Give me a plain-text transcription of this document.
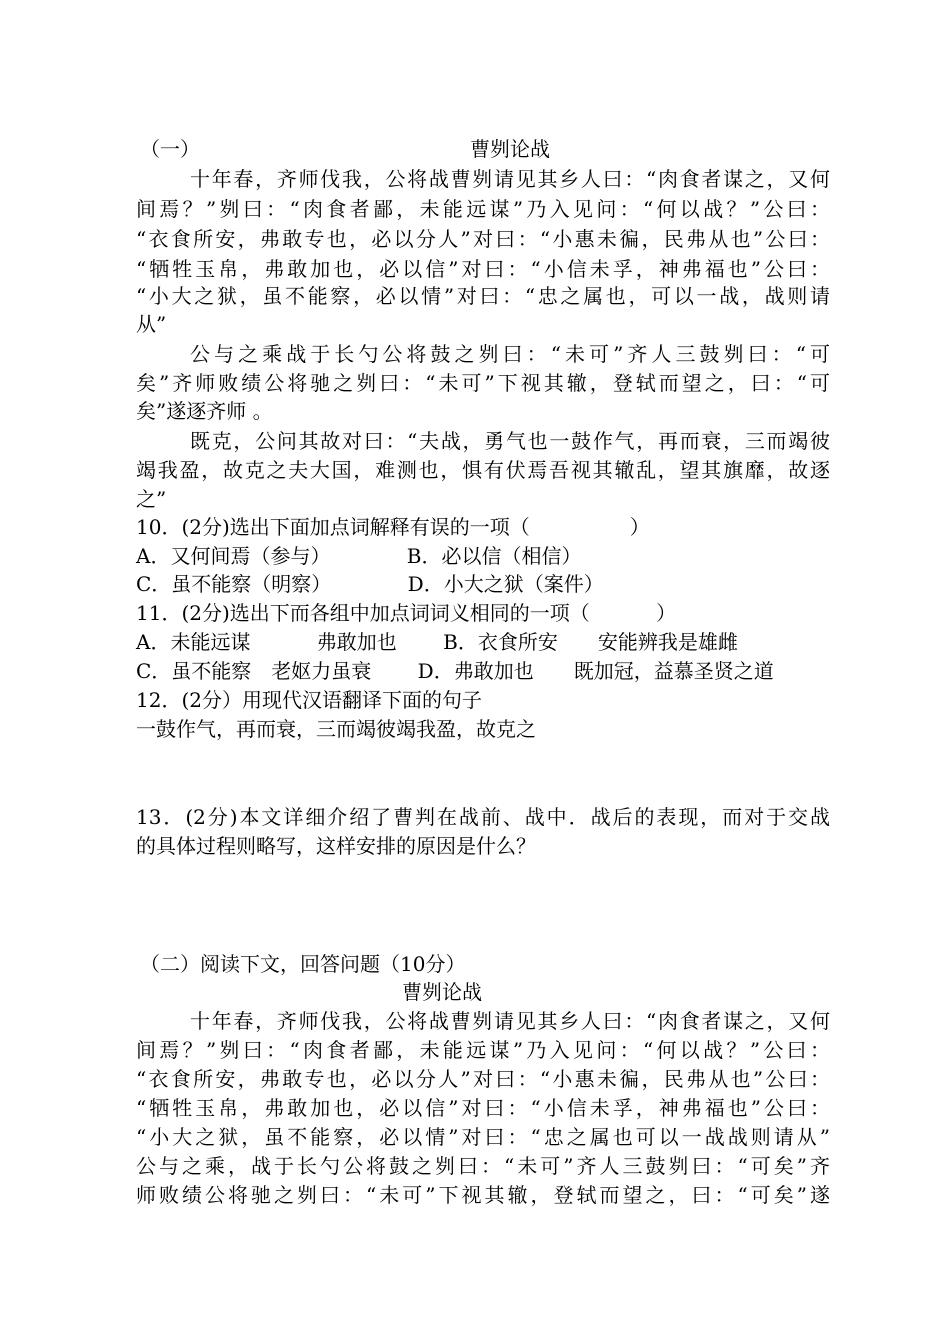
（一）	曹刿论战
十年春，齐师伐我，公将战曹刿请见其乡人曰：“肉食者谋之，又何
间焉？”刿曰：“肉食者鄙，未能远谋”乃入见问：“何以战？”公曰：
“衣食所安，弗敢专也，必以分人”对曰：“小惠未徧，民弗从也”公曰：
“牺牲玉帛，弗敢加也，必以信”对曰：“小信未孚，神弗福也”公曰：
“小大之狱，虽不能察，必以情”对曰：“忠之属也，可以一战，战则请
从”
公与之乘战于长勺公将鼓之刿曰：“未可”齐人三鼓刿曰：“可
矣”齐师败绩公将驰之刿曰：“未可”下视其辙，登轼而望之，曰：“可
矣”遂逐齐师 。
既克，公问其故对曰：“夫战，勇气也一鼓作气，再而衰，三而竭彼
竭我盈，故克之夫大国，难测也，惧有伏焉吾视其辙乱，望其旗靡，故逐
之”
10．(2分)选出下面加点词解释有误的一项（　　　　　）
A．又何间焉（参与）　　　　 B．必以信（相信）
C．虽不能察（明察）　　　　 D．小大之狱（案件）
11．(2分)选出下而各组中加点词词义相同的一项（　　　 ）
A．未能远谋　　　 弗敢加也　　 B．衣食所安　　安能辨我是雄雌
C．虽不能察　老妪力虽衰　　 D．弗敢加也　　既加冠，益慕圣贤之道
12．(2分）用现代汉语翻译下面的句子
一鼓作气，再而衰，三而竭彼竭我盈，故克之
13．(2分)本文详细介绍了曹判在战前、战中．战后的表现，而对于交战
的具体过程则略写，这样安排的原因是什么？
（二）阅读下文，回答问题（10分）
曹刿论战
十年春，齐师伐我，公将战曹刿请见其乡人曰：“肉食者谋之，又何
间焉？”刿曰：“肉食者鄙，未能远谋”乃入见问：“何以战？”公曰：
“衣食所安，弗敢专也，必以分人”对曰：“小惠未徧，民弗从也”公曰：
“牺牲玉帛，弗敢加也，必以信”对曰：“小信未孚，神弗福也”公曰：
“小大之狱，虽不能察，必以情”对曰：“忠之属也可以一战战则请从”
公与之乘，战于长勺公将鼓之刿曰：“未可”齐人三鼓刿曰：“可矣”齐
师败绩公将驰之刿曰：“未可”下视其辙，登轼而望之，曰：“可矣”遂
